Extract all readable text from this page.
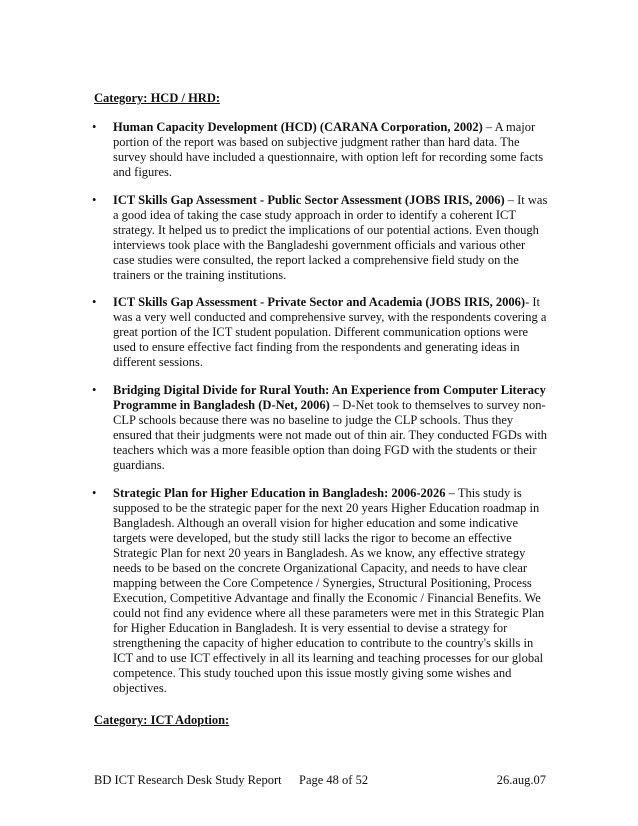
Category: HCD / HRD:
• Human Capacity Development (HCD) (CARANA Corporation, 2002) – A major portion of the report was based on subjective judgment rather than hard data. The survey should have included a questionnaire, with option left for recording some facts and figures.
• ICT Skills Gap Assessment - Public Sector Assessment (JOBS IRIS, 2006) – It was a good idea of taking the case study approach in order to identify a coherent ICT strategy. It helped us to predict the implications of our potential actions. Even though interviews took place with the Bangladeshi government officials and various other case studies were consulted, the report lacked a comprehensive field study on the trainers or the training institutions.
• ICT Skills Gap Assessment - Private Sector and Academia (JOBS IRIS, 2006)- It was a very well conducted and comprehensive survey, with the respondents covering a great portion of the ICT student population. Different communication options were used to ensure effective fact finding from the respondents and generating ideas in different sessions.
• Bridging Digital Divide for Rural Youth: An Experience from Computer Literacy Programme in Bangladesh (D-Net, 2006) – D-Net took to themselves to survey non-CLP schools because there was no baseline to judge the CLP schools. Thus they ensured that their judgments were not made out of thin air. They conducted FGDs with teachers which was a more feasible option than doing FGD with the students or their guardians.
• Strategic Plan for Higher Education in Bangladesh: 2006-2026 – This study is supposed to be the strategic paper for the next 20 years Higher Education roadmap in Bangladesh. Although an overall vision for higher education and some indicative targets were developed, but the study still lacks the rigor to become an effective Strategic Plan for next 20 years in Bangladesh. As we know, any effective strategy needs to be based on the concrete Organizational Capacity, and needs to have clear mapping between the Core Competence / Synergies, Structural Positioning, Process Execution, Competitive Advantage and finally the Economic / Financial Benefits. We could not find any evidence where all these parameters were met in this Strategic Plan for Higher Education in Bangladesh. It is very essential to devise a strategy for strengthening the capacity of higher education to contribute to the country's skills in ICT and to use ICT effectively in all its learning and teaching processes for our global competence. This study touched upon this issue mostly giving some wishes and objectives.
Category: ICT Adoption:
BD ICT Research Desk Study Report Page 48 of 52	26.aug.07
